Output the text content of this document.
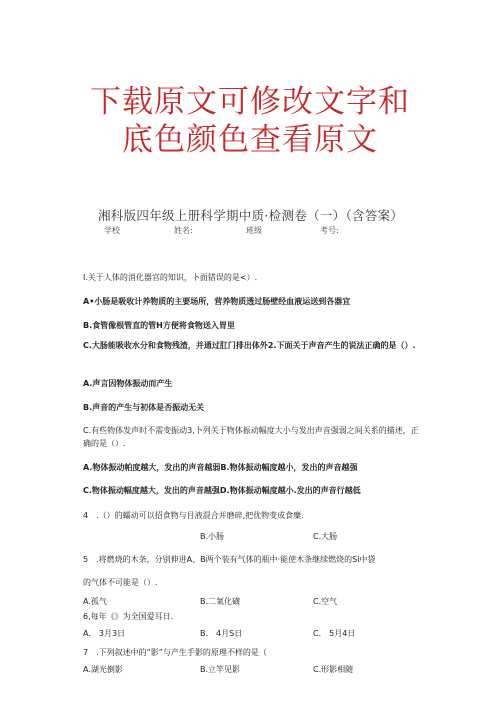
下载原文可修改文字和
底色颜色查看原文
湘科版四年级上册科学期中质·检测卷（一）（含答案）
学校	姓名:	班级	考号:
I.关于人体的消化器官的知识，卜面错误的是<）.
A•小肠是吸收计养物质的主要场所，营养物质透过肠壁经血液运送到各器宜
B.食管像根管直的管H方便将食物送入胃里
C.大肠能吸收水分和食物残渣，并通过肛门排出体外2.下面关于声音产生的说法正确的是（）.
A.声言因物体振动而产生
B.声音的产生与初体是否振动无关
C.有些物体发声时不需变振动3,卜列关于物体振动幅度大小与发出声音强弱之间关系的描述，正确的是（）.
A.物体振动帕度越大，发出的声音越弱B.物体振动幅度越小，发出的声音越强
C.物体振动幅度越大，发出的声音越强D.物体振动幅度越小.发出的声音行越低
4　.（）的蠕动可以招食物与目液混合并磨碎,把优物变成食糜.
B.小肠	C.大肠
5　.将燃烧的木条，分别伸进A、B两个装有气体的瓶中·能使木条继续燃烧的Si中袋
的气体不可能是（）.
A.孤气	B.二氧化磺	C.空气
6,每年《》为全国爱耳日.
A.　3月3日	B.　4月S日	C.　5月4日
7　.下列叙述中的“影”与产生手影的原理不样的是（
A.湖光倒影	B.立竿见影	C.形影相随
